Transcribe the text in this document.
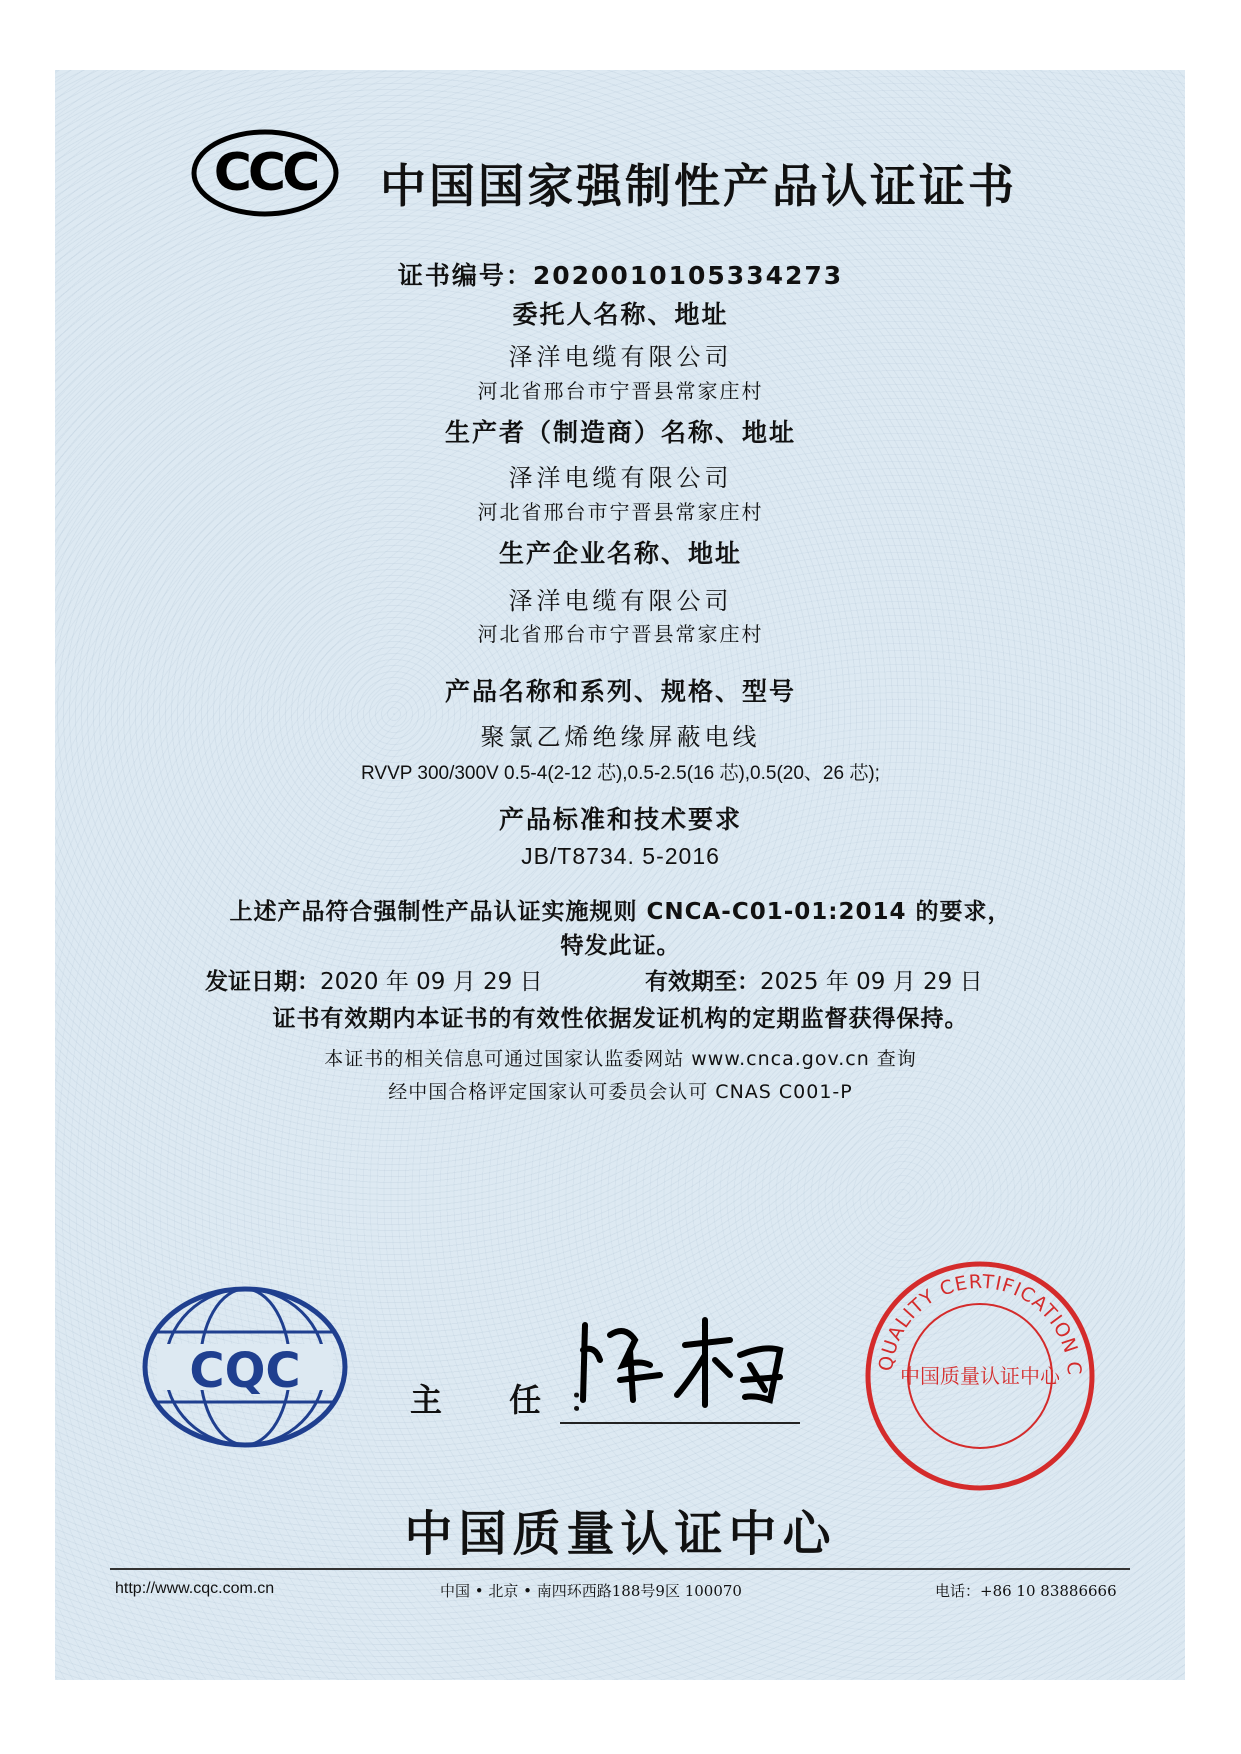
CCC 中国国家强制性产品认证证书
证书编号：2020010105334273
委托人名称、地址
泽洋电缆有限公司
河北省邢台市宁晋县常家庄村
生产者（制造商）名称、地址
泽洋电缆有限公司
河北省邢台市宁晋县常家庄村
生产企业名称、地址
泽洋电缆有限公司
河北省邢台市宁晋县常家庄村
产品名称和系列、规格、型号
聚氯乙烯绝缘屏蔽电线
RVVP 300/300V 0.5-4(2-12 芯),0.5-2.5(16 芯),0.5(20、26 芯);
产品标准和技术要求
JB/T8734. 5-2016
上述产品符合强制性产品认证实施规则 CNCA-C01-01:2014 的要求，
特发此证。
发证日期：2020 年 09 月 29 日	有效期至：2025 年 09 月 29 日
证书有效期内本证书的有效性依据发证机构的定期监督获得保持。
本证书的相关信息可通过国家认监委网站 www.cnca.gov.cn 查询
经中国合格评定国家认可委员会认可 CNAS C001-P
CQC
主 任：
QUALITY CERTIFICATION C
中国质量认证中心
中国质量认证中心
http://www.cqc.com.cn	中国 • 北京 • 南四环西路188号9区 100070	电话：+86 10 83886666
